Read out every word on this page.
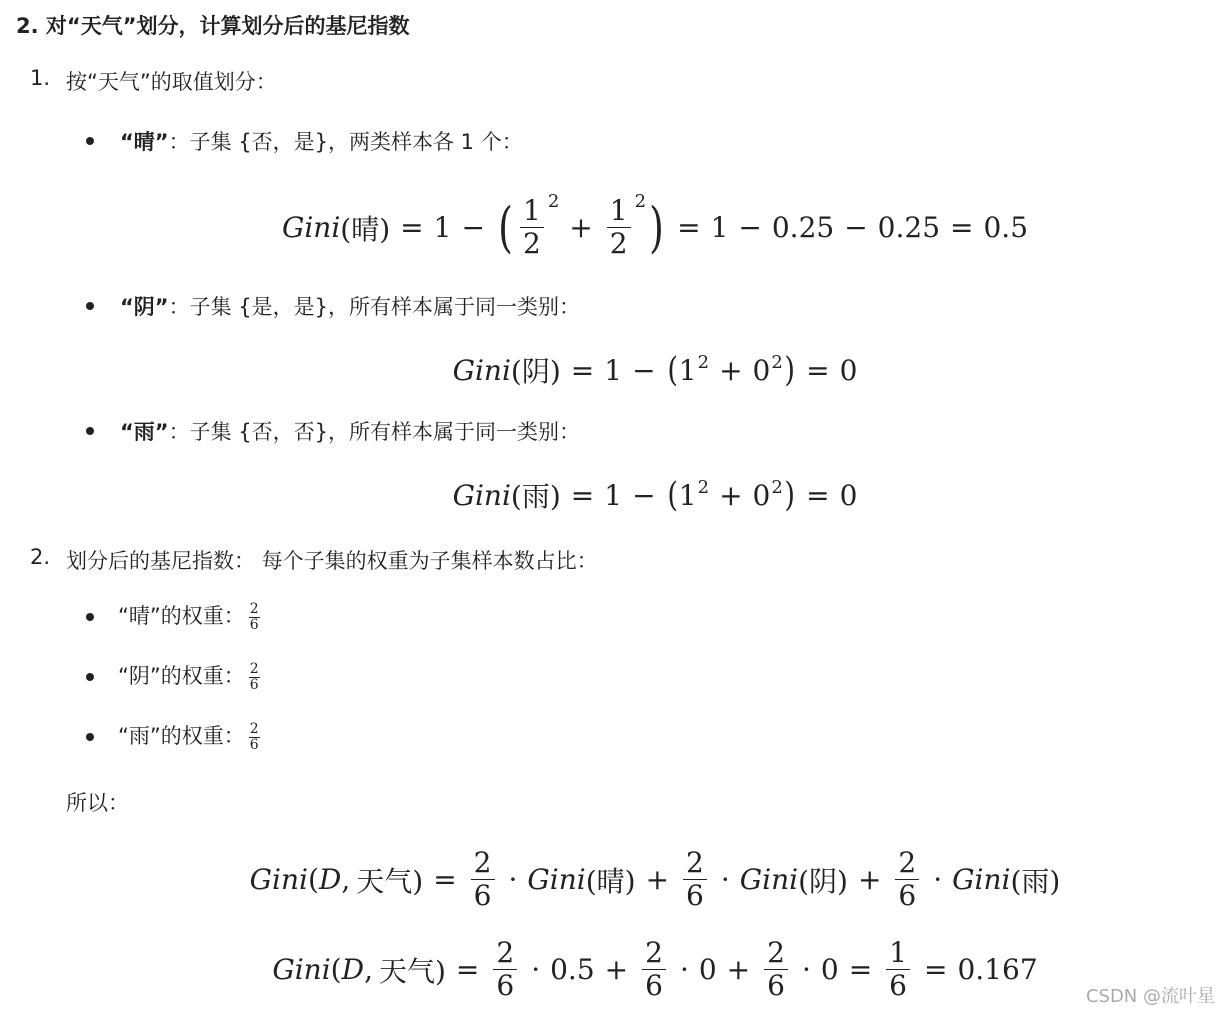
2. 对“天气”划分，计算划分后的基尼指数
1. 按“天气”的取值划分：
“晴”：子集 {否，是}，两类样本各 1 个：
Gini (晴) = 1 − ( $\frac{1}{2} 2$
+ $\frac{1}{2} 2$ ) = 1 − 0.25 − 0.25 = 0.5
“阴”：子集 {是，是}，所有样本属于同一类别：
Gini (阴) = 1 − ( $1^2 + 0^2$ ) = 0
“雨”：子集 {否，否}，所有样本属于同一类别：
Gini (雨) = 1 − ( $1^2 + 0^2$ ) = 0
2. 划分后的基尼指数： 每个子集的权重为子集样本数占比：
“晴”的权重： $\frac{2}{6}$
“阴”的权重： $\frac{2}{6}$
“雨”的权重： $\frac{2}{6}$
所以：
Gini ( D , 天气) = $\frac{2}{6}$ · Gini (晴) + $\frac{2}{6}$ · Gini (阴) + $\frac{2}{6}$ · Gini (雨)
Gini ( D , 天气) = $\frac{2}{6} \cdot 0.5 + \frac{2}{6} \cdot 0 + \frac{2}{6} \cdot 0 = \frac{1}{6} = 0.167$
CSDN @流叶星
